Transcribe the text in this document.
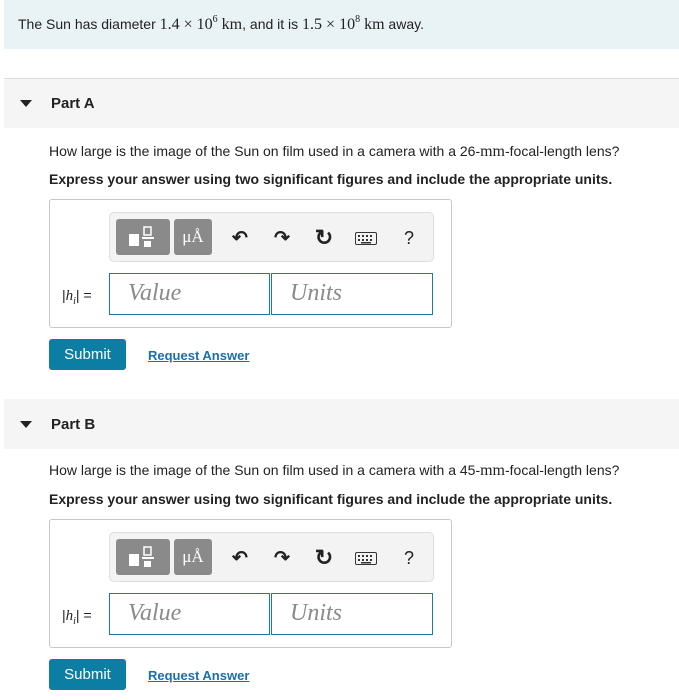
The Sun has diameter $1.4 \times 10^6$ km, and it is $1.5 \times 10^8$ km away.
Part A
How large is the image of the Sun on film used in a camera with a 26-mm-focal-length lens?
Express your answer using two significant figures and include the appropriate units.
μÅ	↶ ↷ ↻	?
$|h_i|$ =	Value	Units
Submit	Request Answer
Part B
How large is the image of the Sun on film used in a camera with a 45-mm-focal-length lens?
Express your answer using two significant figures and include the appropriate units.
μÅ	↶ ↷ ↻	?
$|h_i|$ =	Value	Units
Submit	Request Answer
